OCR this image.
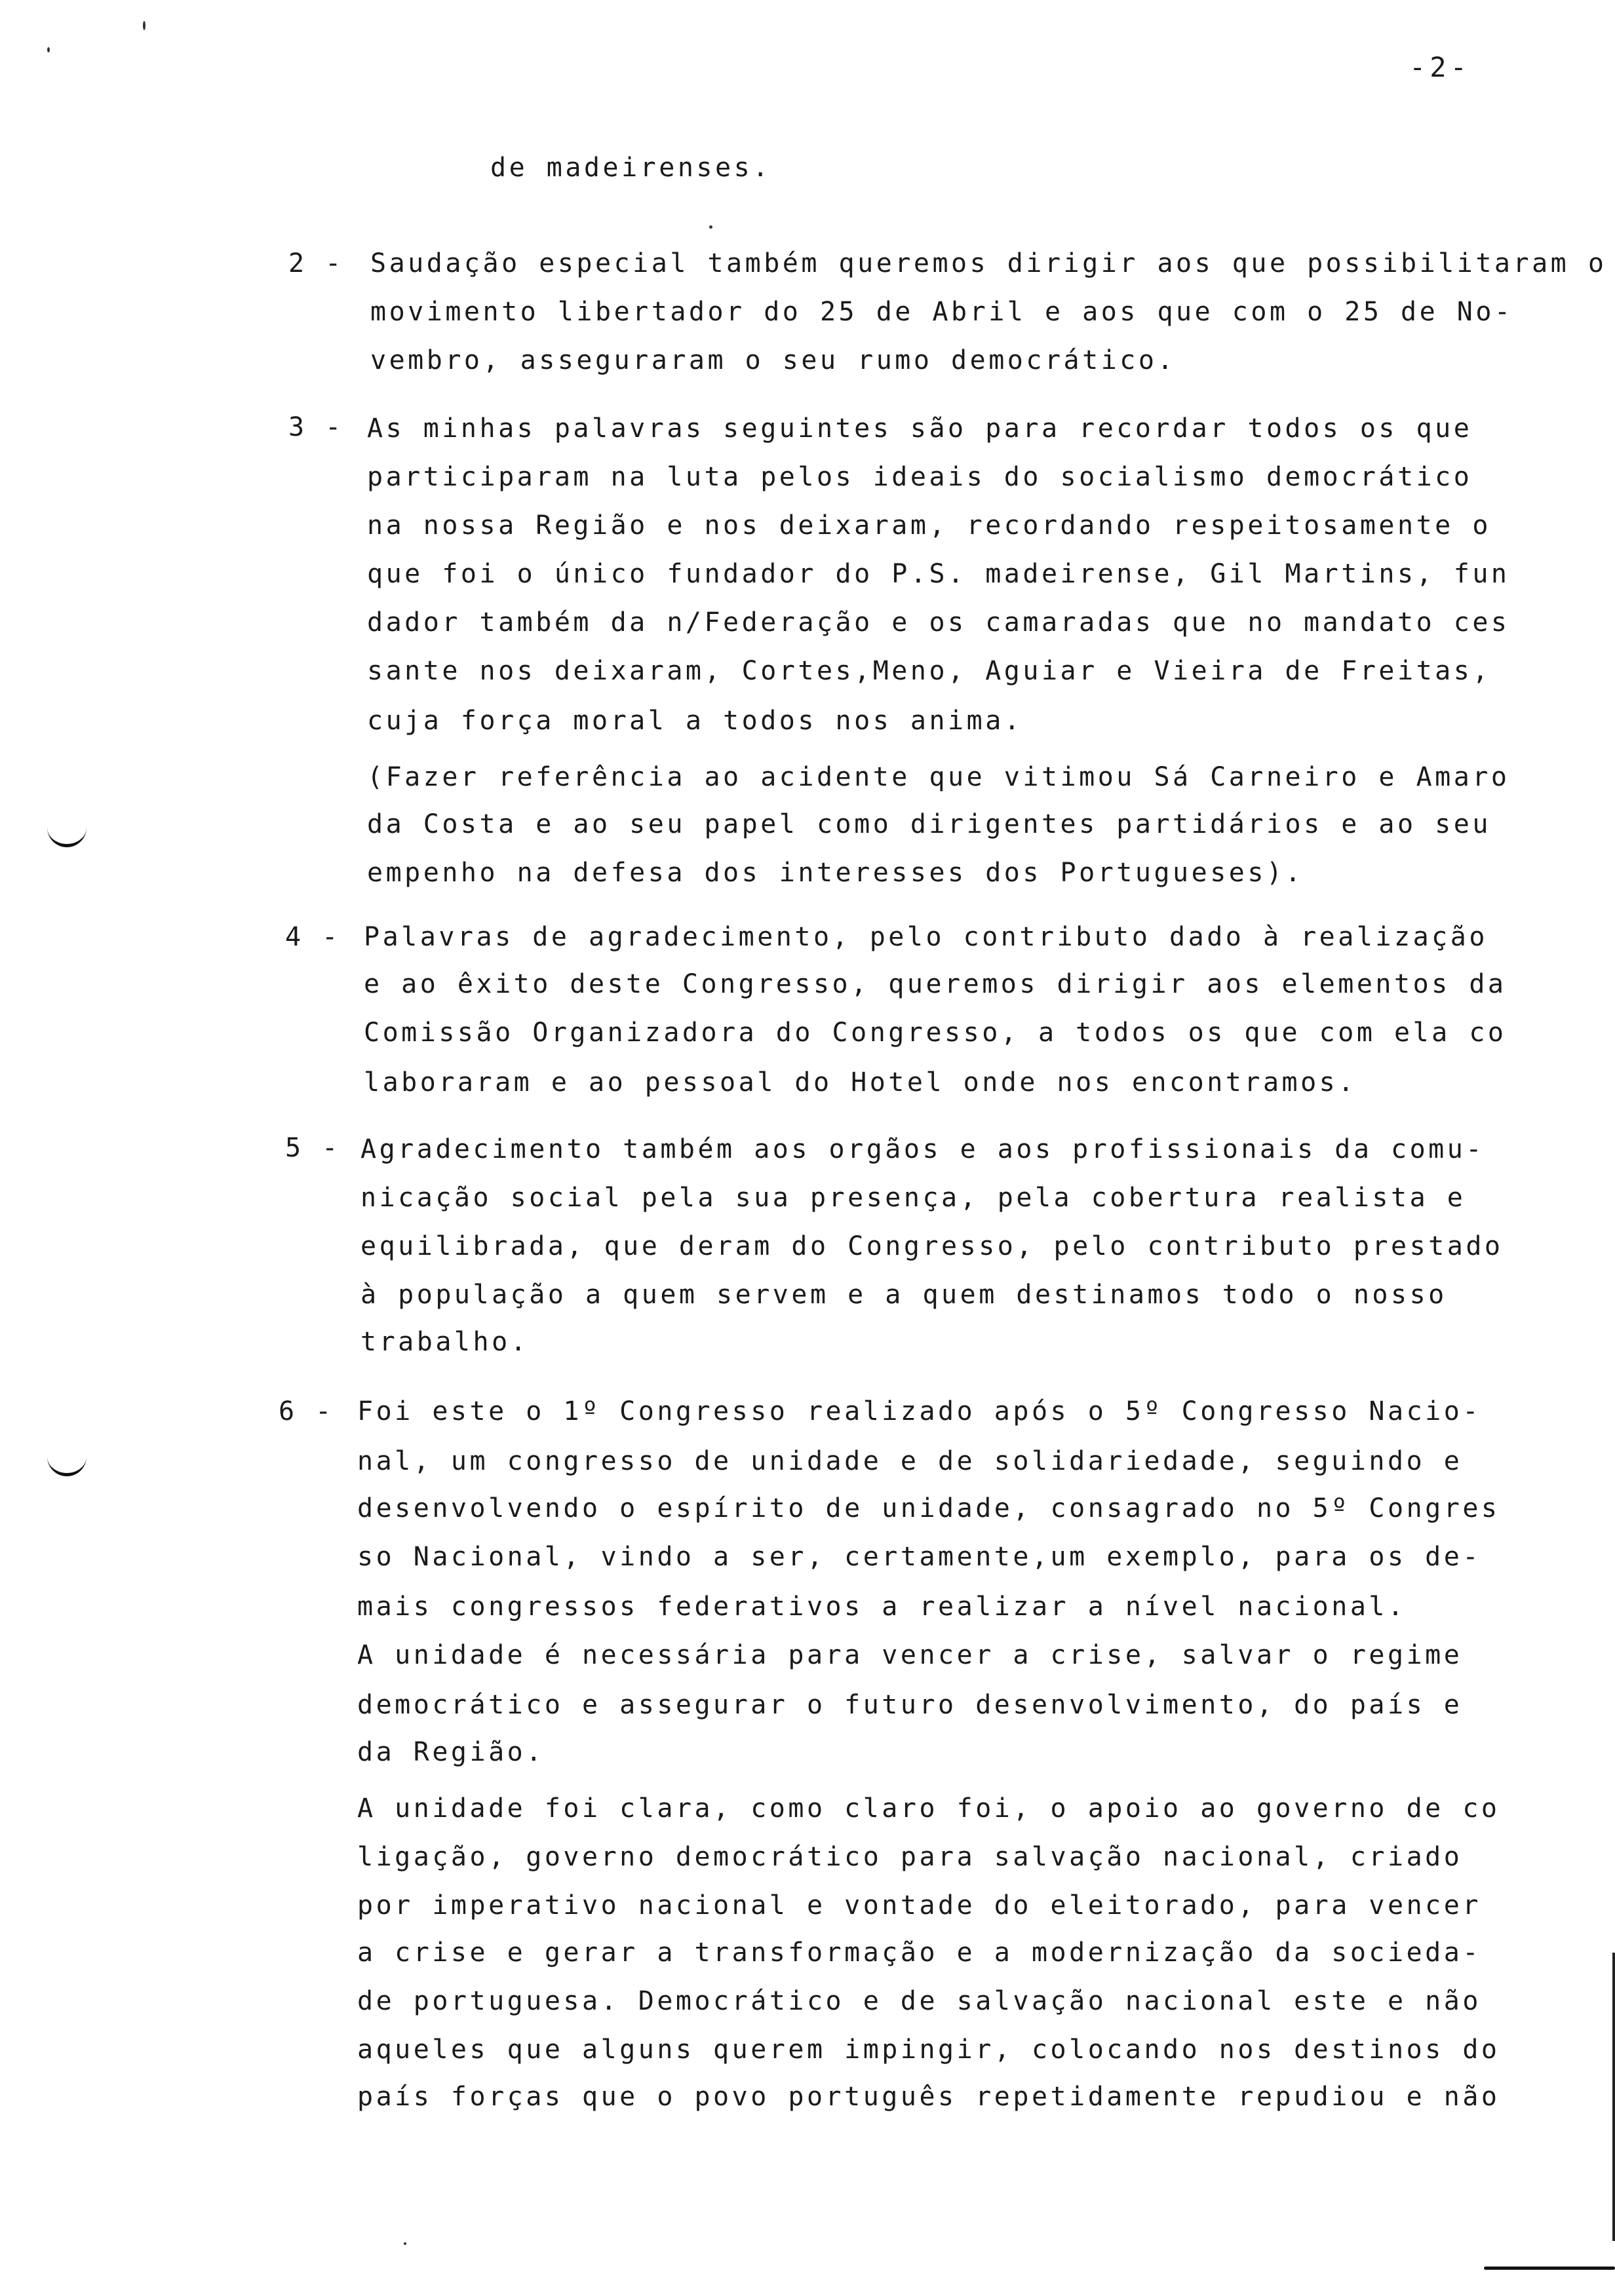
-2-
de madeirenses.
2 - Saudação especial também queremos dirigir aos que possibilitaram o
movimento libertador do 25 de Abril e aos que com o 25 de No-
vembro, asseguraram o seu rumo democrático.
3 - As minhas palavras seguintes são para recordar todos os que
participaram na luta pelos ideais do socialismo democrático
na nossa Região e nos deixaram, recordando respeitosamente o
que foi o único fundador do P.S. madeirense, Gil Martins, fun
dador também da n/Federação e os camaradas que no mandato ces
sante nos deixaram, Cortes,Meno, Aguiar e Vieira de Freitas,
cuja força moral a todos nos anima.
(Fazer referência ao acidente que vitimou Sá Carneiro e Amaro
da Costa e ao seu papel como dirigentes partidários e ao seu
empenho na defesa dos interesses dos Portugueses).
4 - Palavras de agradecimento, pelo contributo dado à realização
e ao êxito deste Congresso, queremos dirigir aos elementos da
Comissão Organizadora do Congresso, a todos os que com ela co
laboraram e ao pessoal do Hotel onde nos encontramos.
5 - Agradecimento também aos orgãos e aos profissionais da comu-
nicação social pela sua presença, pela cobertura realista e
equilibrada, que deram do Congresso, pelo contributo prestado
à população a quem servem e a quem destinamos todo o nosso
trabalho.
6 - Foi este o 1º Congresso realizado após o 5º Congresso Nacio-
nal, um congresso de unidade e de solidariedade, seguindo e
desenvolvendo o espírito de unidade, consagrado no 5º Congres
so Nacional, vindo a ser, certamente,um exemplo, para os de-
mais congressos federativos a realizar a nível nacional.
A unidade é necessária para vencer a crise, salvar o regime
democrático e assegurar o futuro desenvolvimento, do país e
da Região.
A unidade foi clara, como claro foi, o apoio ao governo de co
ligação, governo democrático para salvação nacional, criado
por imperativo nacional e vontade do eleitorado, para vencer
a crise e gerar a transformação e a modernização da socieda-
de portuguesa. Democrático e de salvação nacional este e não
aqueles que alguns querem impingir, colocando nos destinos do
país forças que o povo português repetidamente repudiou e não
